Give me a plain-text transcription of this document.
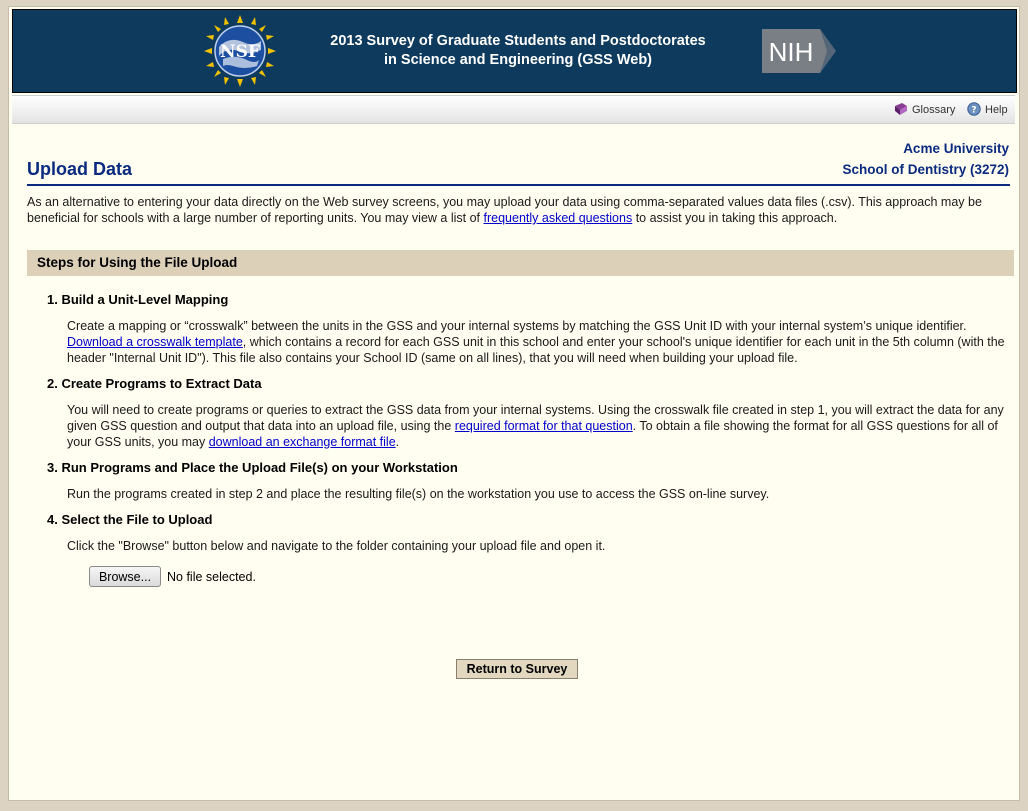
NSF
2013 Survey of Graduate Students and Postdoctorates
in Science and Engineering (GSS Web)	NIH
Glossary ? Help
Acme University
School of Dentistry (3272)
Upload Data

As an alternative to entering your data directly on the Web survey screens, you may upload your data using comma-separated values data files (.csv). This approach may be beneficial for schools with a large number of reporting units. You may view a list of frequently asked questions to assist you in taking this approach.

Steps for Using the File Upload
1. Build a Unit-Level Mapping

Create a mapping or “crosswalk” between the units in the GSS and your internal systems by matching the GSS Unit ID with your internal system’s unique identifier. Download a crosswalk template, which contains a record for each GSS unit in this school and enter your school's unique identifier for each unit in the 5th column (with the header "Internal Unit ID"). This file also contains your School ID (same on all lines), that you will need when building your upload file.

2. Create Programs to Extract Data

You will need to create programs or queries to extract the GSS data from your internal systems. Using the crosswalk file created in step 1, you will extract the data for any given GSS question and output that data into an upload file, using the required format for that question. To obtain a file showing the format for all GSS questions for all of your GSS units, you may download an exchange format file.

3. Run Programs and Place the Upload File(s) on your Workstation

Run the programs created in step 2 and place the resulting file(s) on the workstation you use to access the GSS on-line survey.

4. Select the File to Upload

Click the "Browse" button below and navigate to the folder containing your upload file and open it.

Browse...	No file selected.
Return to Survey
